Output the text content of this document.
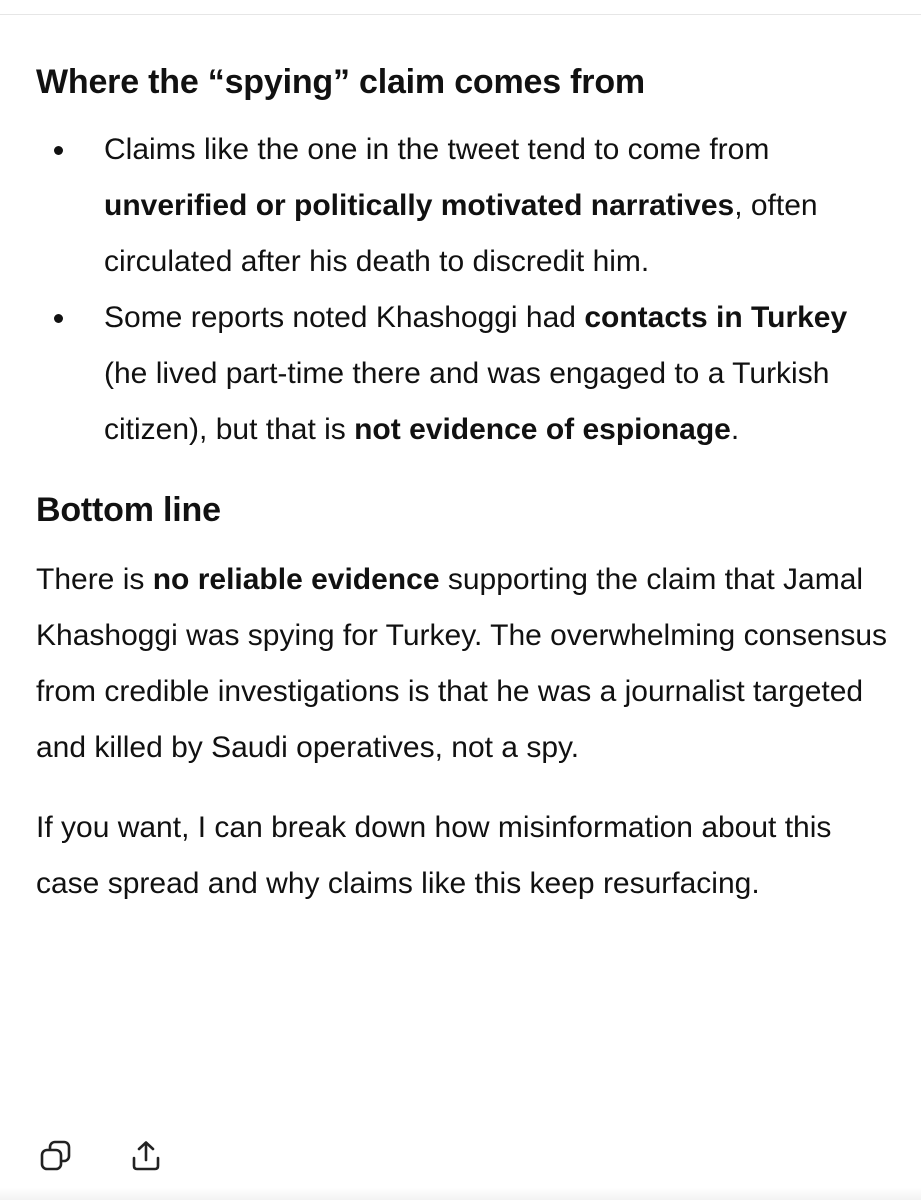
Where the “spying” claim comes from
Claims like the one in the tweet tend to come from unverified or politically motivated narratives, often circulated after his death to discredit him.
Some reports noted Khashoggi had contacts in Turkey (he lived part-time there and was engaged to a Turkish citizen), but that is not evidence of espionage.
Bottom line

There is no reliable evidence supporting the claim that Jamal Khashoggi was spying for Turkey. The overwhelming consensus from credible investigations is that he was a journalist targeted and killed by Saudi operatives, not a spy.

If you want, I can break down how misinformation about this case spread and why claims like this keep resurfacing.
